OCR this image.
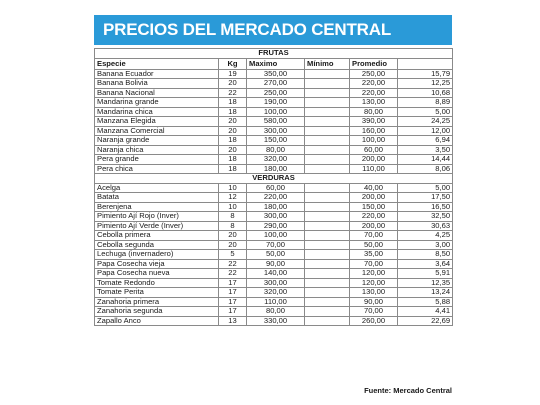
PRECIOS DEL MERCADO CENTRAL
FRUTAS					
Especie	Kg	Maximo	Mínimo	Promedio	
Banana Ecuador	19	350,00		250,00	15,79
Banana Bolivia	20	270,00		220,00	12,25
Banana Nacional	22	250,00		220,00	10,68
Mandarina grande	18	190,00		130,00	8,89
Mandarina chica	18	100,00		80,00	5,00
Manzana Elegida	20	580,00		390,00	24,25
Manzana Comercial	20	300,00		160,00	12,00
Naranja grande	18	150,00		100,00	6,94
Naranja chica	20	80,00		60,00	3,50
Pera grande	18	320,00		200,00	14,44
Pera chica	18	180,00		110,00	8,06
VERDURAS					
Acelga	10	60,00		40,00	5,00
Batata	12	220,00		200,00	17,50
Berenjena	10	180,00		150,00	16,50
Pimiento Ají Rojo (Inver)	8	300,00		220,00	32,50
Pimiento Ají Verde (Inver)	8	290,00		200,00	30,63
Cebolla primera	20	100,00		70,00	4,25
Cebolla segunda	20	70,00		50,00	3,00
Lechuga (invernadero)	5	50,00		35,00	8,50
Papa Cosecha vieja	22	90,00		70,00	3,64
Papa Cosecha nueva	22	140,00		120,00	5,91
Tomate Redondo	17	300,00		120,00	12,35
Tomate Perita	17	320,00		130,00	13,24
Zanahoria primera	17	110,00		90,00	5,88
Zanahoria segunda	17	80,00		70,00	4,41
Zapallo Anco	13	330,00		260,00	22,69
Fuente: Mercado Central
